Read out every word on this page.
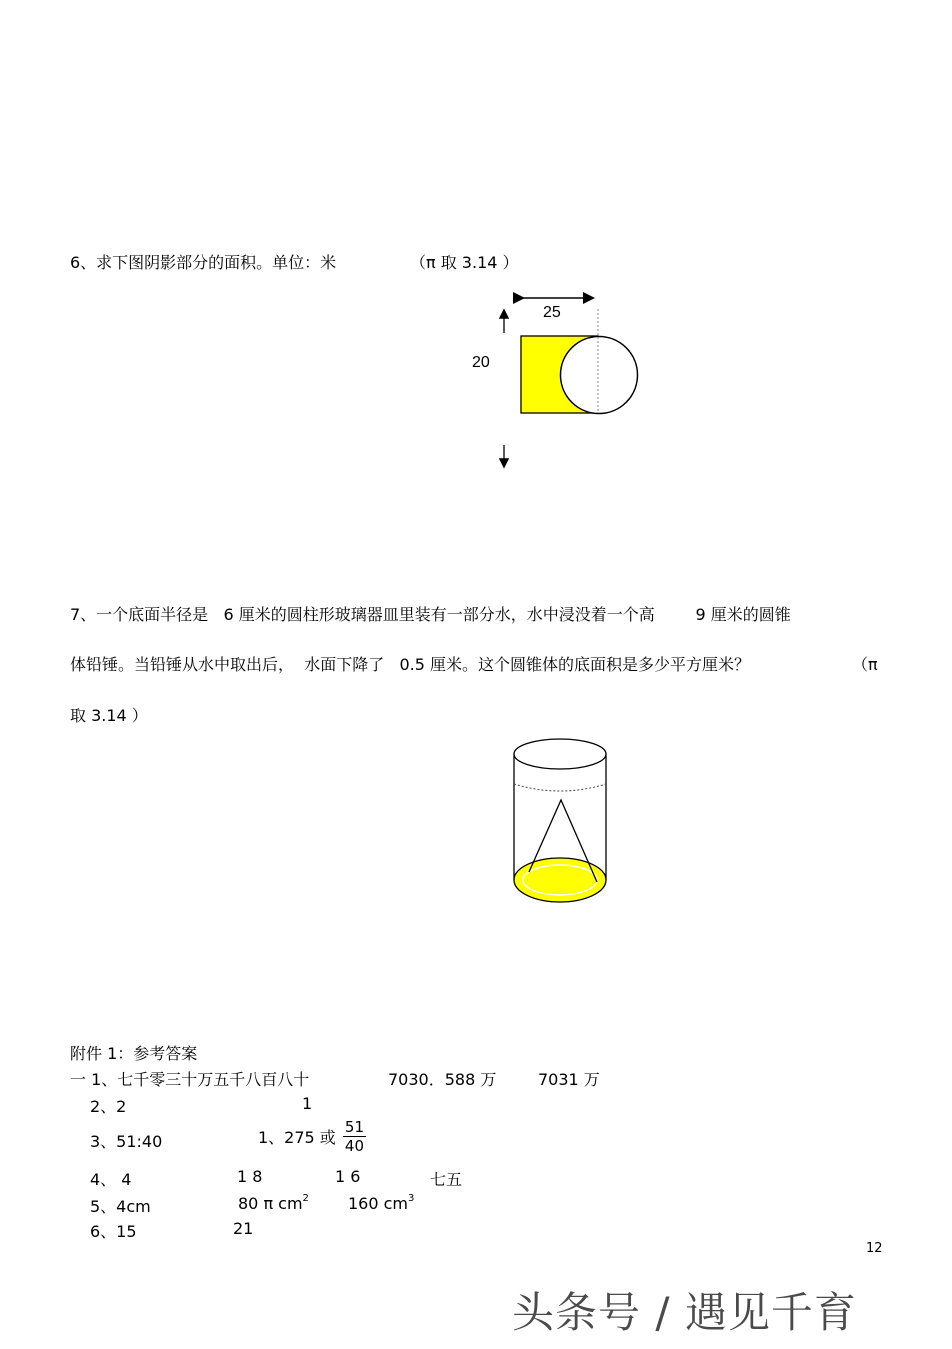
6、求下图阴影部分的面积。单位：米	（π 取 3.14 ）
25
20
7、一个底面半径是 6 厘米的圆柱形玻璃器皿里装有一部分水，水中浸没着一个高	9 厘米的圆锥
体铅锤。当铅锤从水中取出后， 水面下降了 0.5 厘米。这个圆锥体的底面积是多少平方厘米？	（π
取 3.14 ）
附件 1：参考答案
一 1、七千零三十万五千八百八十	7030．588 万	7031 万
2、2	1
3、51:40	1、275 或 $\frac{51}{40}$
4、 4	1 8	1 6	七五
5、4cm	80 π $cm^2$ 160 $cm^3$
6、15	21
12
头条号 / 遇见千育
